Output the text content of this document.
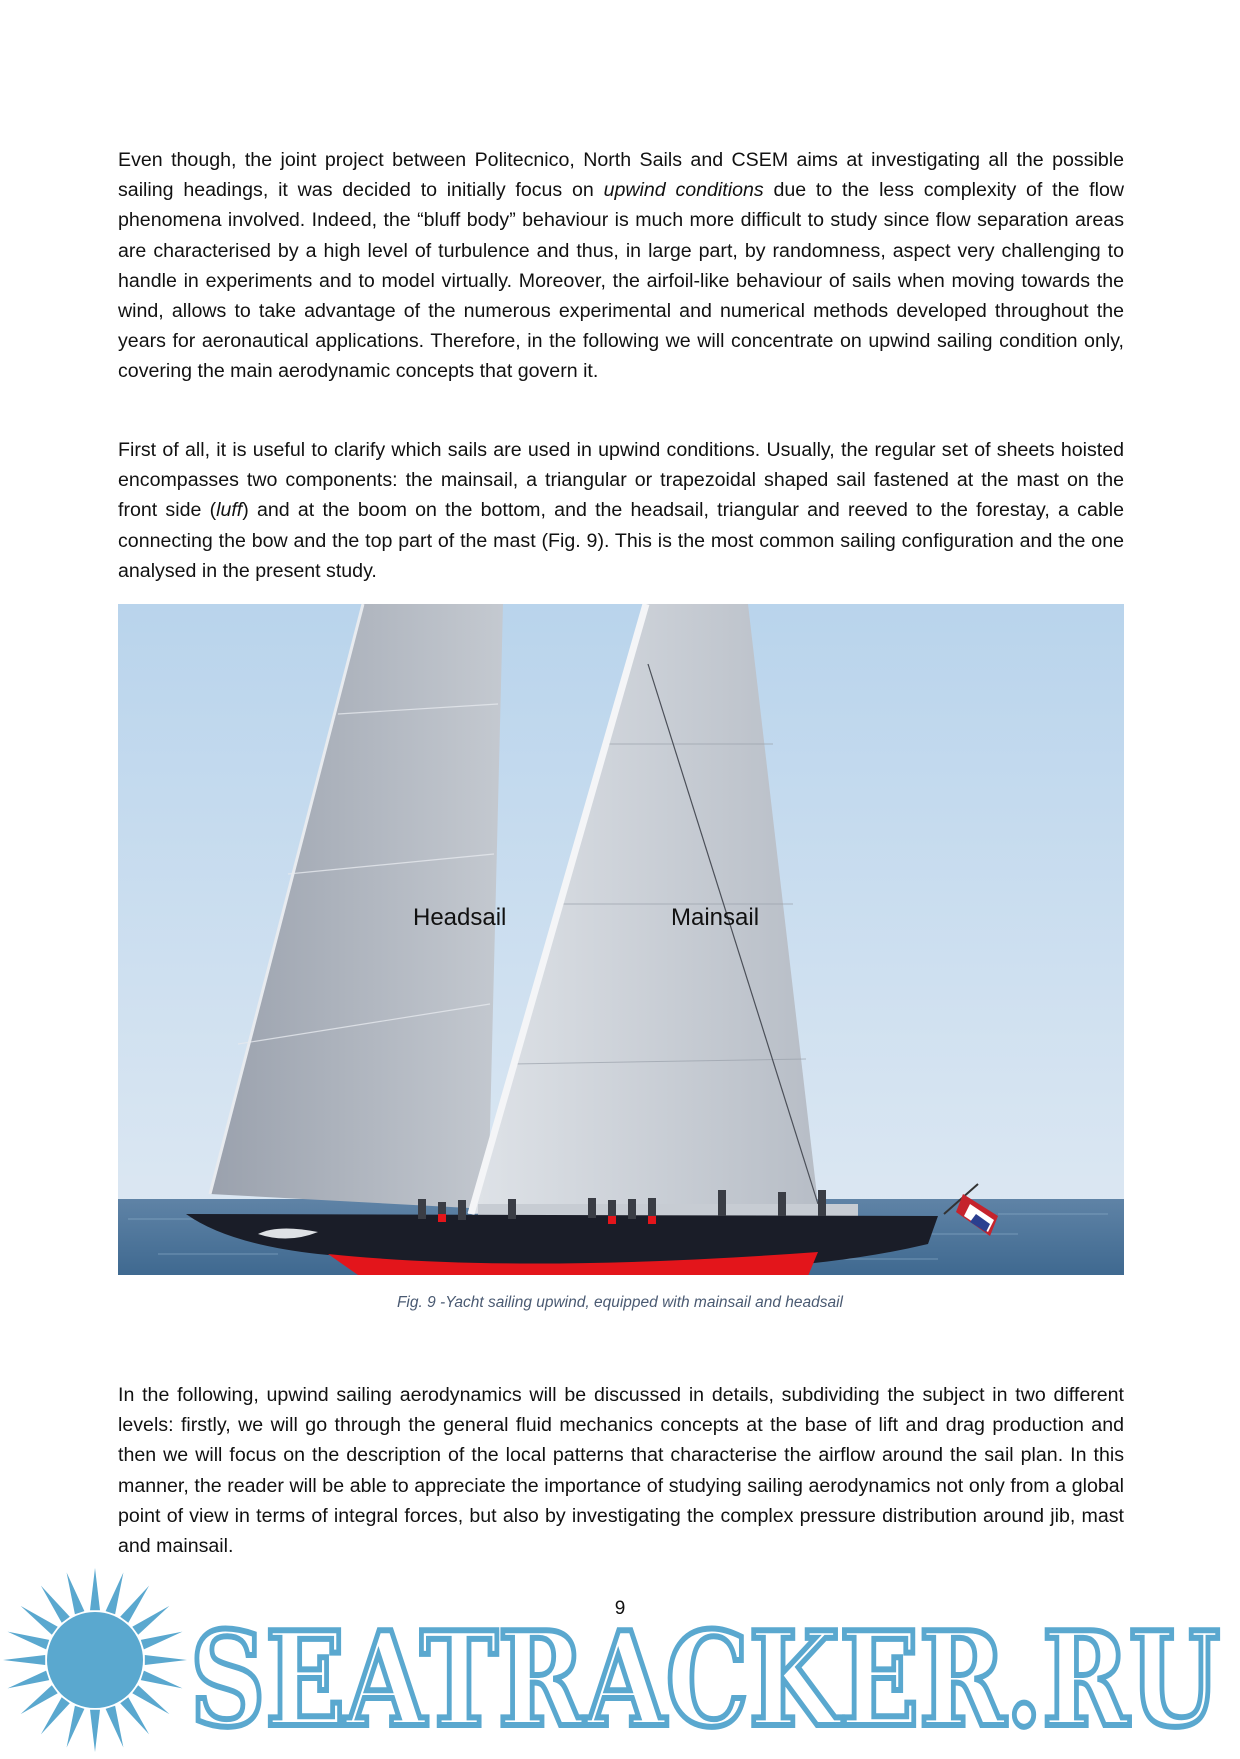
Even though, the joint project between Politecnico, North Sails and CSEM aims at investigating all the possible sailing headings, it was decided to initially focus on upwind conditions due to the less complexity of the flow phenomena involved. Indeed, the “bluff body” behaviour is much more difficult to study since flow separation areas are characterised by a high level of turbulence and thus, in large part, by randomness, aspect very challenging to handle in experiments and to model virtually. Moreover, the airfoil-like behaviour of sails when moving towards the wind, allows to take advantage of the numerous experimental and numerical methods developed throughout the years for aeronautical applications. Therefore, in the following we will concentrate on upwind sailing condition only, covering the main aerodynamic concepts that govern it.

First of all, it is useful to clarify which sails are used in upwind conditions. Usually, the regular set of sheets hoisted encompasses two components: the mainsail, a triangular or trapezoidal shaped sail fastened at the mast on the front side (luff) and at the boom on the bottom, and the headsail, triangular and reeved to the forestay, a cable connecting the bow and the top part of the mast (Fig. 9). This is the most common sailing configuration and the one analysed in the present study.

Headsail	Mainsail
Fig. 9 -Yacht sailing upwind, equipped with mainsail and headsail

In the following, upwind sailing aerodynamics will be discussed in details, subdividing the subject in two different levels: firstly, we will go through the general fluid mechanics concepts at the base of lift and drag production and then we will focus on the description of the local patterns that characterise the airflow around the sail plan. In this manner, the reader will be able to appreciate the importance of studying sailing aerodynamics not only from a global point of view in terms of integral forces, but also by investigating the complex pressure distribution around jib, mast and mainsail.

SEATRACKER.RU
9
